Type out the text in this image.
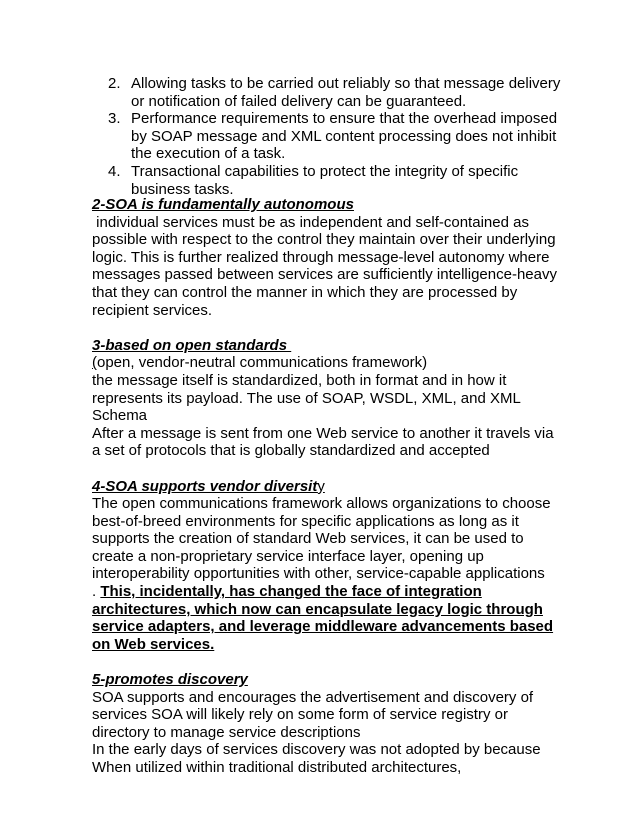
2. Allowing tasks to be carried out reliably so that message delivery or notification of failed delivery can be guaranteed.
3. Performance requirements to ensure that the overhead imposed by SOAP message and XML content processing does not inhibit the execution of a task.
4. Transactional capabilities to protect the integrity of specific business tasks.

2-SOA is fundamentally autonomous

individual services must be as independent and self-contained as possible with respect to the control they maintain over their underlying logic. This is further realized through message-level autonomy where messages passed between services are sufficiently intelligence-heavy that they can control the manner in which they are processed by recipient services.

3-based on open standards

(open, vendor-neutral communications framework)

the message itself is standardized, both in format and in how it represents its payload. The use of SOAP, WSDL, XML, and XML Schema

After a message is sent from one Web service to another it travels via a set of protocols that is globally standardized and accepted

4-SOA supports vendor diversity

The open communications framework allows organizations to choose best-of-breed environments for specific applications as long as it supports the creation of standard Web services, it can be used to create a non-proprietary service interface layer, opening up interoperability opportunities with other, service-capable applications

. This, incidentally, has changed the face of integration architectures, which now can encapsulate legacy logic through service adapters, and leverage middleware advancements based on Web services.

5-promotes discovery

SOA supports and encourages the advertisement and discovery of services SOA will likely rely on some form of service registry or directory to manage service descriptions

In the early days of services discovery was not adopted by because When utilized within traditional distributed architectures,
